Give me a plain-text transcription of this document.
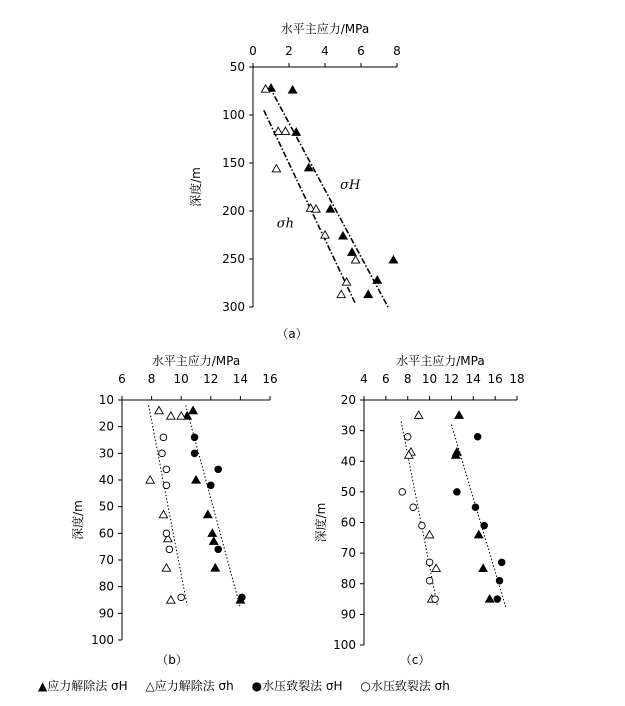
0 2 4 6 8
50
100
150
200
250
300
水平主应力/MPa
深度/m
（a）
σH
σh
6 8 10 12 14 16
10
20
30
40
50
60
70
80
90
100
水平主应力/MPa
深度/m
（b）
4 6 8 10 12 14 16 18
20
30
40
50
60
70
80
90
100
水平主应力/MPa
深度/m
（c）
▲应力解除法 σH △应力解除法 σh ●水压致裂法 σH ○水压致裂法 σh
